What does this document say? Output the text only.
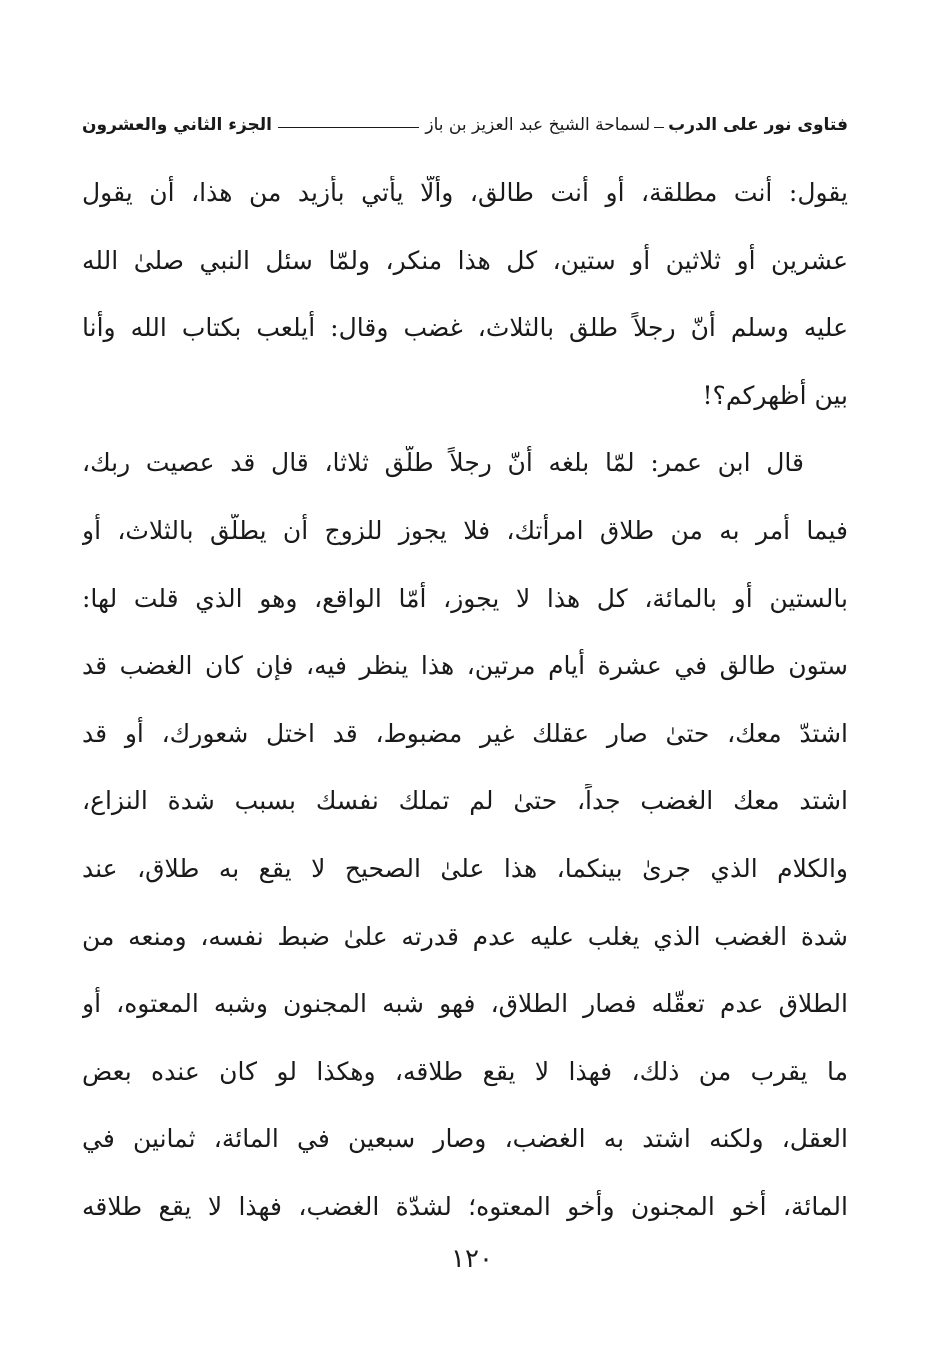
فتاوى نور على الدرب
لسماحة الشيخ عبد العزيز بن باز
الجزء الثاني والعشرون
يقول: أنت مطلقة، أو أنت طالق، وألّا يأتي بأزيد من هذا، أن يقول
عشرين أو ثلاثين أو ستين، كل هذا منكر، ولمّا سئل النبي صلىٰ الله
عليه وسلم أنّ رجلاً طلق بالثلاث، غضب وقال: أيلعب بكتاب الله وأنا
بين أظهركم؟!
قال ابن عمر: لمّا بلغه أنّ رجلاً طلّق ثلاثا، قال قد عصيت ربك،
فيما أمر به من طلاق امرأتك، فلا يجوز للزوج أن يطلّق بالثلاث، أو
بالستين أو بالمائة، كل هذا لا يجوز، أمّا الواقع، وهو الذي قلت لها:
ستون طالق في عشرة أيام مرتين، هذا ينظر فيه، فإن كان الغضب قد
اشتدّ معك، حتىٰ صار عقلك غير مضبوط، قد اختل شعورك، أو قد
اشتد معك الغضب جداً، حتىٰ لم تملك نفسك بسبب شدة النزاع،
والكلام الذي جرىٰ بينكما، هذا علىٰ الصحيح لا يقع به طلاق، عند
شدة الغضب الذي يغلب عليه عدم قدرته علىٰ ضبط نفسه، ومنعه من
الطلاق عدم تعقّله فصار الطلاق، فهو شبه المجنون وشبه المعتوه، أو
ما يقرب من ذلك، فهذا لا يقع طلاقه، وهكذا لو كان عنده بعض
العقل، ولكنه اشتد به الغضب، وصار سبعين في المائة، ثمانين في
المائة، أخو المجنون وأخو المعتوه؛ لشدّة الغضب، فهذا لا يقع طلاقه
١٢٠
